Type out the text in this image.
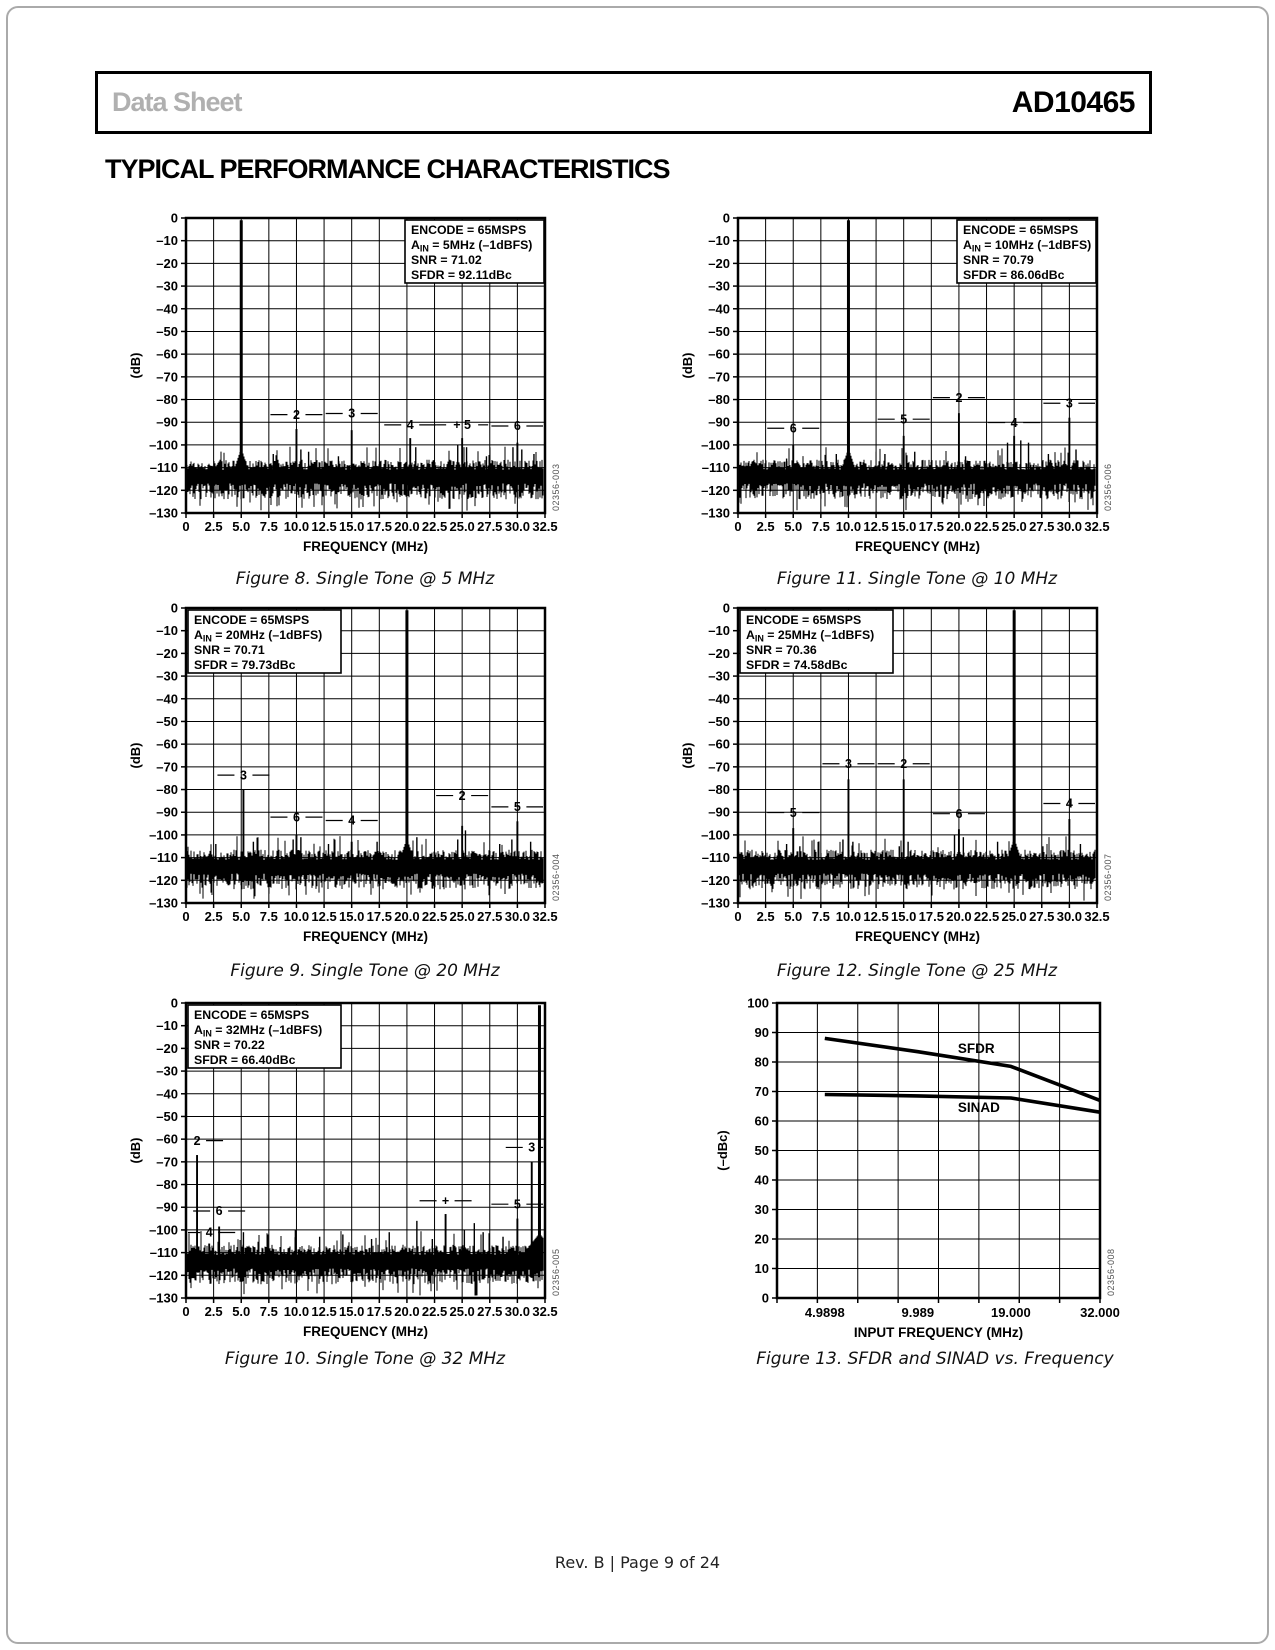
Data Sheet	AD10465
TYPICAL PERFORMANCE CHARACTERISTICS
0
–10
–20
–30
–40
–50
–60
–70
–80
–90
–100
–110
–120
–130
0 2.5 5.0 7.5 10.0 12.5 15.0 17.5 20.0 22.5 25.0 27.5 30.0 32.5
FREQUENCY (MHz)
(dB)
ENCODE = 65MSPS
$A_{IN} = 5MHz$ (–1dBFS)
SNR = 71.02
SFDR = 92.11dBc
2	3
4	+ 5	6
02356-003
0
–10
–20
–30
–40
–50
–60
–70
–80
–90
–100
–110
–120
–130
0 2.5 5.0 7.5 10.0 12.5 15.0 17.5 20.0 22.5 25.0 27.5 30.0 32.5
FREQUENCY (MHz)
(dB)
ENCODE = 65MSPS
$A_{IN} = 10MHz$ (–1dBFS)
SNR = 70.79
SFDR = 86.06dBc
6
5
2
4
3
02356-006
0
–10
–20
–30
–40
–50
–60
–70
–80
–90
–100
–110
–120
–130
0 2.5 5.0 7.5 10.0 12.5 15.0 17.5 20.0 22.5 25.0 27.5 30.0 32.5
FREQUENCY (MHz)
(dB)
ENCODE = 65MSPS
$A_{IN} = 20MHz$ (–1dBFS)
SNR = 70.71
SFDR = 79.73dBc
3
6	4
2
5
02356-004
0
–10
–20
–30
–40
–50
–60
–70
–80
–90
–100
–110
–120
–130
0 2.5 5.0 7.5 10.0 12.5 15.0 17.5 20.0 22.5 25.0 27.5 30.0 32.5
FREQUENCY (MHz)
(dB)
ENCODE = 65MSPS
$A_{IN} = 25MHz$ (–1dBFS)
SNR = 70.36
SFDR = 74.58dBc
5
3	2
6
4
02356-007
0
–10
–20
–30
–40
–50
–60
–70
–80
–90
–100
–110
–120
–130
0 2.5 5.0 7.5 10.0 12.5 15.0 17.5 20.0 22.5 25.0 27.5 30.0 32.5
FREQUENCY (MHz)
(dB)
ENCODE = 65MSPS
$A_{IN} = 32MHz$ (–1dBFS)
SNR = 70.22
SFDR = 66.40dBc
2
4
6
+	5
3
02356-005
SFDR
SINAD
100
90
80
70
60
50
40
30
20
10
0
4.9898	9.989	19.000	32.000
INPUT FREQUENCY (MHz)
(–dBc)
02356-008
Figure 8. Single Tone @ 5 MHz	Figure 11. Single Tone @ 10 MHz
Figure 9. Single Tone @ 20 MHz	Figure 12. Single Tone @ 25 MHz
Figure 10. Single Tone @ 32 MHz	Figure 13. SFDR and SINAD vs. Frequency
Rev. B | Page 9 of 24
